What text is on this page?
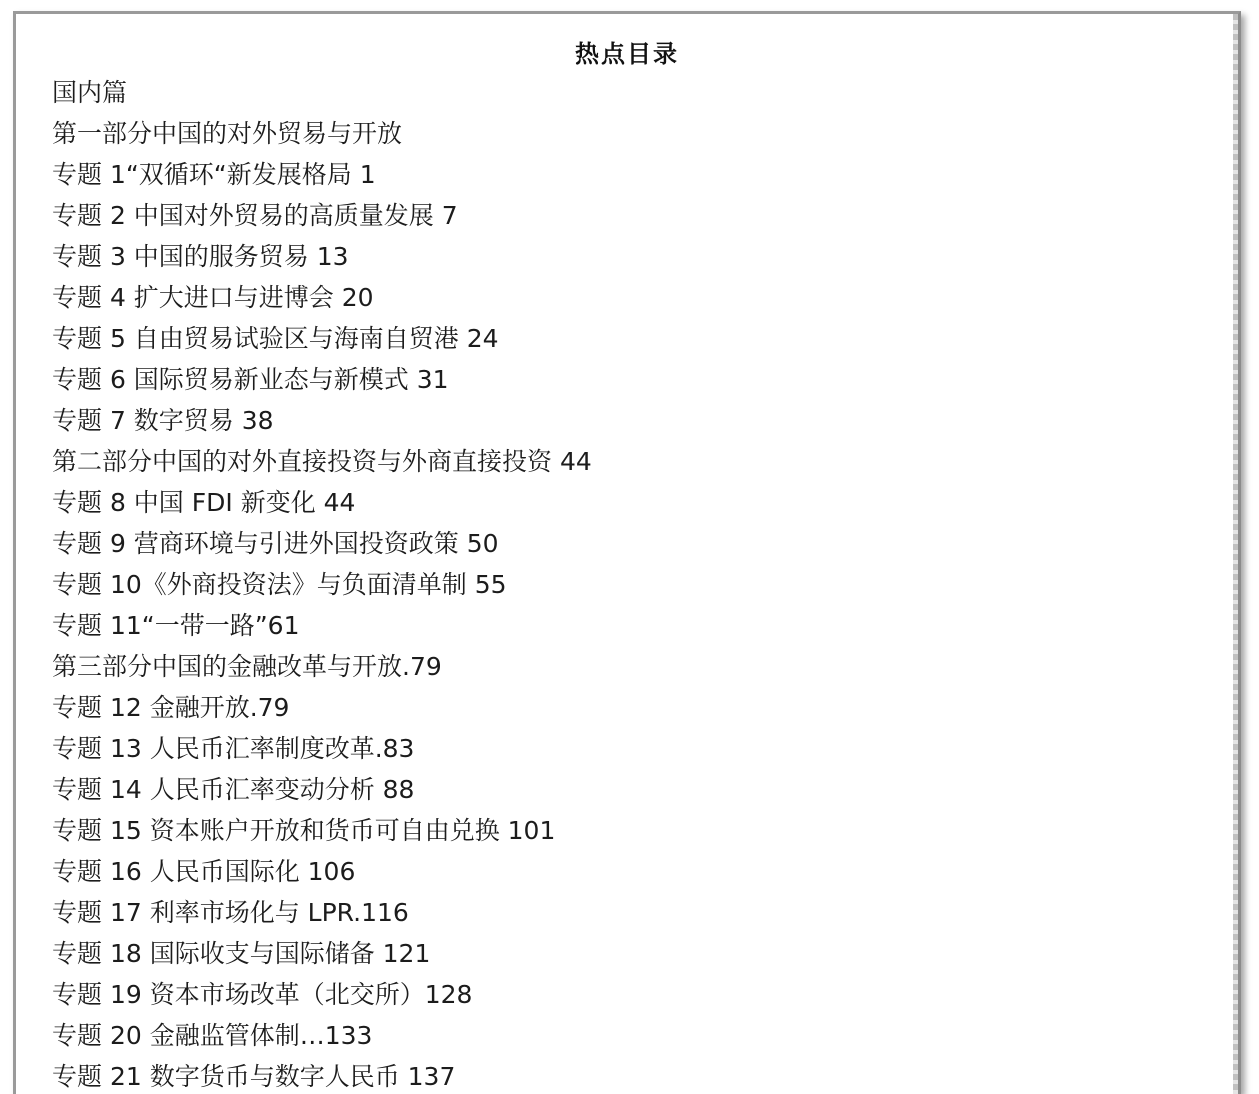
热点目录
国内篇
第一部分中国的对外贸易与开放
专题 1“双循环“新发展格局 1
专题 2 中国对外贸易的高质量发展 7
专题 3 中国的服务贸易 13
专题 4 扩大进口与进博会 20
专题 5 自由贸易试验区与海南自贸港 24
专题 6 国际贸易新业态与新模式 31
专题 7 数字贸易 38
第二部分中国的对外直接投资与外商直接投资 44
专题 8 中国 FDI 新变化 44
专题 9 营商环境与引进外国投资政策 50
专题 10《外商投资法》与负面清单制 55
专题 11“一带一路”61
第三部分中国的金融改革与开放.79
专题 12 金融开放.79
专题 13 人民币汇率制度改革.83
专题 14 人民币汇率变动分析 88
专题 15 资本账户开放和货币可自由兑换 101
专题 16 人民币国际化 106
专题 17 利率市场化与 LPR.116
专题 18 国际收支与国际储备 121
专题 19 资本市场改革（北交所）128
专题 20 金融监管体制…133
专题 21 数字货币与数字人民币 137
